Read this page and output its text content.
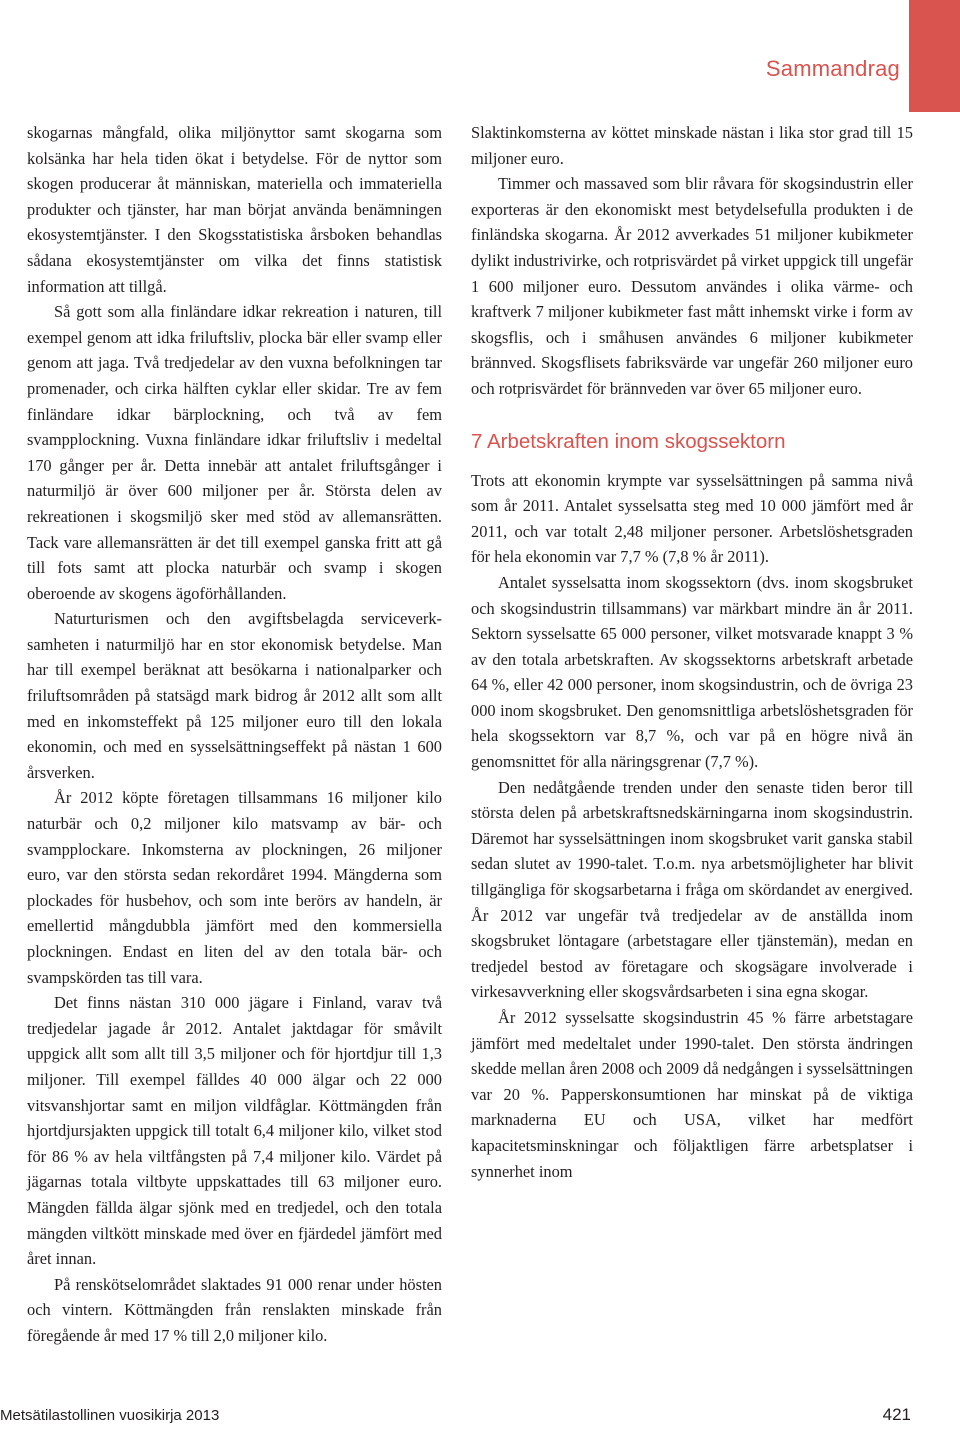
Sammandrag

skogarnas mångfald, olika miljönyttor samt skogarna som kolsänka har hela tiden ökat i betydelse. För de nyttor som skogen producerar åt människan, materiella och immateriella produkter och tjänster, har man börjat använda benämningen ekosystemtjänster. I den Skogsstatistiska årsboken behandlas sådana ekosystemtjänster om vilka det finns statistisk information att tillgå.

Så gott som alla finländare idkar rekreation i naturen, till exempel genom att idka friluftsliv, plocka bär eller svamp eller genom att jaga. Två tredjedelar av den vuxna befolkningen tar promenader, och cirka hälften cyklar eller skidar. Tre av fem finländare idkar bärplockning, och två av fem svampplockning. Vuxna finländare idkar friluftsliv i medeltal 170 gånger per år. Detta innebär att antalet friluftsgånger i naturmiljö är över 600 miljoner per år. Största delen av rekreationen i skogsmiljö sker med stöd av allemansrätten. Tack vare allemansrätten är det till exempel ganska fritt att gå till fots samt att plocka naturbär och svamp i skogen oberoende av skogens ägoförhållanden.

Naturturismen och den avgiftsbelagda serviceverksamheten i naturmiljö har en stor ekonomisk betydelse. Man har till exempel beräknat att besökarna i nationalparker och friluftsområden på statsägd mark bidrog år 2012 allt som allt med en inkomsteffekt på 125 miljoner euro till den lokala ekonomin, och med en sysselsättningseffekt på nästan 1 600 årsverken.

År 2012 köpte företagen tillsammans 16 miljoner kilo naturbär och 0,2 miljoner kilo matsvamp av bär- och svampplockare. Inkomsterna av plockningen, 26 miljoner euro, var den största sedan rekordåret 1994. Mängderna som plockades för husbehov, och som inte berörs av handeln, är emellertid mångdubbla jämfört med den kommersiella plockningen. Endast en liten del av den totala bär- och svampskörden tas till vara.

Det finns nästan 310 000 jägare i Finland, varav två tredjedelar jagade år 2012. Antalet jaktdagar för småvilt uppgick allt som allt till 3,5 miljoner och för hjortdjur till 1,3 miljoner. Till exempel fälldes 40 000 älgar och 22 000 vitsvanshjortar samt en miljon vildfåglar. Köttmängden från hjortdjursjakten uppgick till totalt 6,4 miljoner kilo, vilket stod för 86 % av hela viltfångsten på 7,4 miljoner kilo. Värdet på jägarnas totala viltbyte uppskattades till 63 miljoner euro. Mängden fällda älgar sjönk med en tredjedel, och den totala mängden viltkött minskade med över en fjärdedel jämfört med året innan.

På renskötselområdet slaktades 91 000 renar under hösten och vintern. Köttmängden från renslakten minskade från föregående år med 17 % till 2,0 miljoner kilo.

Slaktinkomsterna av köttet minskade nästan i lika stor grad till 15 miljoner euro.

Timmer och massaved som blir råvara för skogsindustrin eller exporteras är den ekonomiskt mest betydelsefulla produkten i de finländska skogarna. År 2012 avverkades 51 miljoner kubikmeter dylikt industrivirke, och rotprisvärdet på virket uppgick till ungefär 1 600 miljoner euro. Dessutom användes i olika värme- och kraftverk 7 miljoner kubikmeter fast mått inhemskt virke i form av skogsflis, och i småhusen användes 6 miljoner kubikmeter brännved. Skogsflisets fabriksvärde var ungefär 260 miljoner euro och rotprisvärdet för brännveden var över 65 miljoner euro.

7 Arbetskraften inom skogssektorn

Trots att ekonomin krympte var sysselsättningen på samma nivå som år 2011. Antalet sysselsatta steg med 10 000 jämfört med år 2011, och var totalt 2,48 miljoner personer. Arbetslöshetsgraden för hela ekonomin var 7,7 % (7,8 % år 2011).

Antalet sysselsatta inom skogssektorn (dvs. inom skogsbruket och skogsindustrin tillsammans) var märkbart mindre än år 2011. Sektorn sysselsatte 65 000 personer, vilket motsvarade knappt 3 % av den totala arbetskraften. Av skogssektorns arbetskraft arbetade 64 %, eller 42 000 personer, inom skogsindustrin, och de övriga 23 000 inom skogsbruket. Den genomsnittliga arbetslöshetsgraden för hela skogssektorn var 8,7 %, och var på en högre nivå än genomsnittet för alla näringsgrenar (7,7 %).

Den nedåtgående trenden under den senaste tiden beror till största delen på arbetskraftsnedskärningarna inom skogsindustrin. Däremot har sysselsättningen inom skogsbruket varit ganska stabil sedan slutet av 1990-talet. T.o.m. nya arbetsmöjligheter har blivit tillgängliga för skogsarbetarna i fråga om skördandet av energived. År 2012 var ungefär två tredjedelar av de anställda inom skogsbruket löntagare (arbetstagare eller tjänstemän), medan en tredjedel bestod av företagare och skogsägare involverade i virkesavverkning eller skogsvårdsarbeten i sina egna skogar.

År 2012 sysselsatte skogsindustrin 45 % färre arbetstagare jämfört med medeltalet under 1990-talet. Den största ändringen skedde mellan åren 2008 och 2009 då nedgången i sysselsättningen var 20 %. Papperskonsumtionen har minskat på de viktiga marknaderna EU och USA, vilket har medfört kapacitetsminskningar och följaktligen färre arbetsplatser i synnerhet inom

Metsätilastollinen vuosikirja 2013	421
